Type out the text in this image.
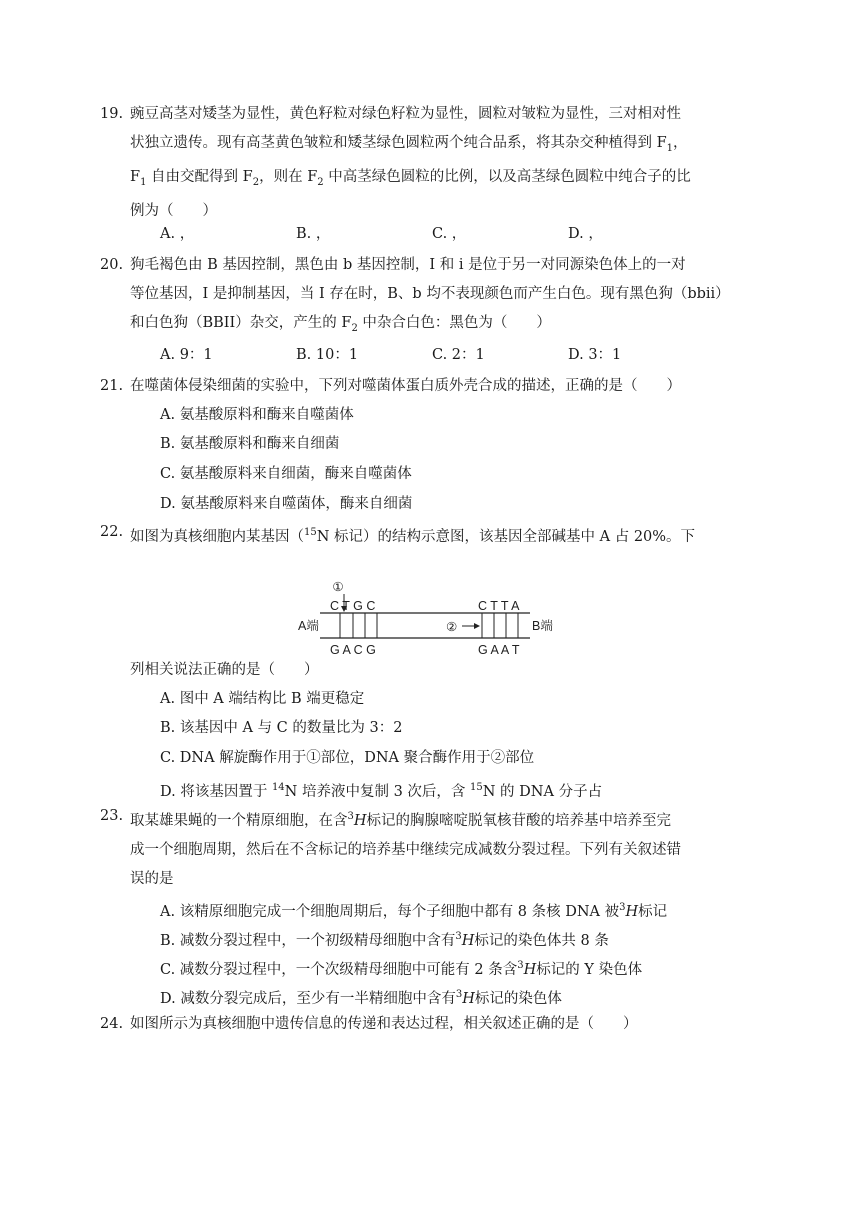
19. 豌豆高茎对矮茎为显性，黄色籽粒对绿色籽粒为显性，圆粒对皱粒为显性，三对相对性
状独立遗传。现有高茎黄色皱粒和矮茎绿色圆粒两个纯合品系，将其杂交种植得到 $F_1$，
$F_1$ 自由交配得到 $F_2$，则在 $F_2$ 中高茎绿色圆粒的比例，以及高茎绿色圆粒中纯合子的比
例为（　　）
A. ，	B. ，	C. ，	D. ，
20. 狗毛褐色由 B 基因控制，黑色由 b 基因控制，I 和 i 是位于另一对同源染色体上的一对
等位基因，I 是抑制基因，当 I 存在时，B、b 均不表现颜色而产生白色。现有黑色狗（bbii）
和白色狗（BBII）杂交，产生的 $F_2$ 中杂合白色：黑色为（　　）
A. 9：1	B. 10：1	C. 2：1	D. 3：1
21. 在噬菌体侵染细菌的实验中，下列对噬菌体蛋白质外壳合成的描述，正确的是（　　）
A. 氨基酸原料和酶来自噬菌体
B. 氨基酸原料和酶来自细菌
C. 氨基酸原料来自细菌，酶来自噬菌体
D. 氨基酸原料来自噬菌体，酶来自细菌
22. 如图为真核细胞内某基因（$^{15}$N 标记）的结构示意图，该基因全部碱基中 A 占 20%。下
①
C T G C	C T T A
A端	B端
②
G A C G	G A A T
列相关说法正确的是（　　）
A. 图中 A 端结构比 B 端更稳定
B. 该基因中 A 与 C 的数量比为 3：2
C. DNA 解旋酶作用于①部位，DNA 聚合酶作用于②部位
D. 将该基因置于 $^{14}$N 培养液中复制 3 次后，含 $^{15}$N 的 DNA 分子占
23. 取某雄果蝇的一个精原细胞，在含$^3$H标记的胸腺嘧啶脱氧核苷酸的培养基中培养至完
成一个细胞周期，然后在不含标记的培养基中继续完成减数分裂过程。下列有关叙述错
误的是
A. 该精原细胞完成一个细胞周期后，每个子细胞中都有 8 条核 DNA 被$^3$H标记
B. 减数分裂过程中，一个初级精母细胞中含有$^3$H标记的染色体共 8 条
C. 减数分裂过程中，一个次级精母细胞中可能有 2 条含$^3$H标记的 Y 染色体
D. 减数分裂完成后，至少有一半精细胞中含有$^3$H标记的染色体
24. 如图所示为真核细胞中遗传信息的传递和表达过程，相关叙述正确的是（　　）
